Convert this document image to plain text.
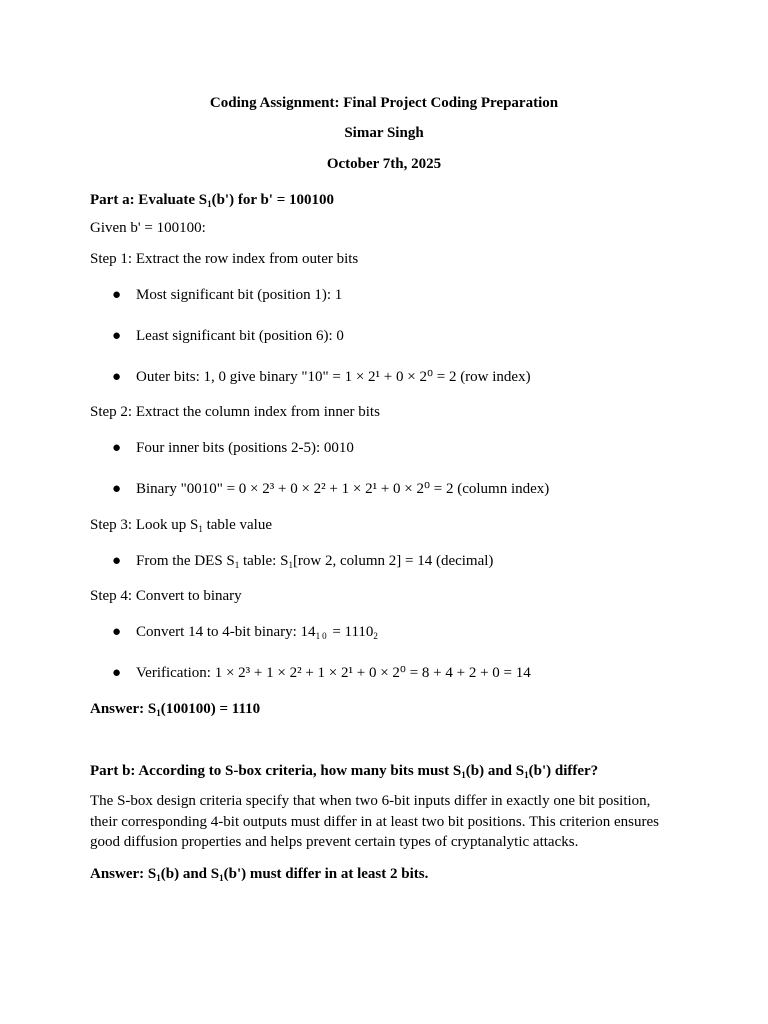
Coding Assignment: Final Project Coding Preparation
Simar Singh
October 7th, 2025
Part a: Evaluate $S_1(b')$ for b' = 100100
Given b' = 100100:
Step 1: Extract the row index from outer bits
● Most significant bit (position 1): 1
● Least significant bit (position 6): 0
● Outer bits: 1, 0 give binary "10" = 1 × 2¹ + 0 × 2⁰ = 2 (row index)
Step 2: Extract the column index from inner bits
● Four inner bits (positions 2-5): 0010
● Binary "0010" = 0 × 2³ + 0 × 2² + 1 × 2¹ + 0 × 2⁰ = 2 (column index)
Step 3: Look up $S_1$ table value
● From the DES $S_1$ table: $S_1[row$ 2, column 2] = 14 (decimal)
Step 4: Convert to binary
● Convert 14 to 4-bit binary: $14_{10} = 1110_2$
● Verification: 1 × 2³ + 1 × 2² + 1 × 2¹ + 0 × 2⁰ = 8 + 4 + 2 + 0 = 14
Answer: $S_1(100100) = 1110$
Part b: According to S-box criteria, how many bits must $S_1(b)$ and $S_1(b')$ differ?
The S-box design criteria specify that when two 6-bit inputs differ in exactly one bit position,
their corresponding 4-bit outputs must differ in at least two bit positions. This criterion ensures
good diffusion properties and helps prevent certain types of cryptanalytic attacks.
Answer: $S_1(b)$ and $S_1(b')$ must differ in at least 2 bits.
